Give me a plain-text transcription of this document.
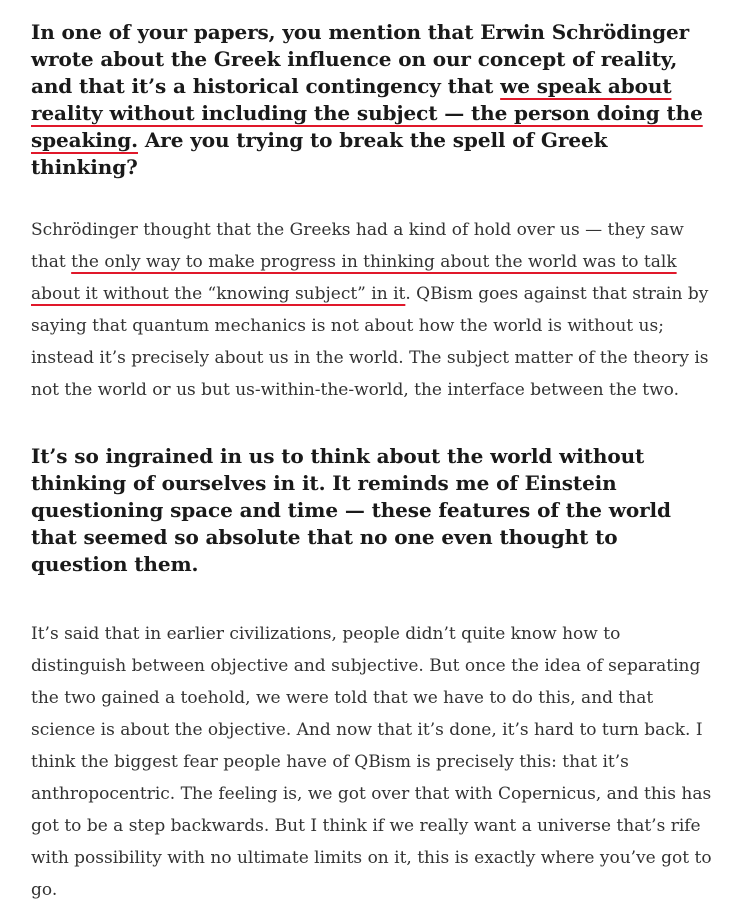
In one of your papers, you mention that Erwin Schrödinger wrote about the Greek influence on our concept of reality, and that it’s a historical contingency that we speak about reality without including the subject — the person doing the speaking. Are you trying to break the spell of Greek thinking?

Schrödinger thought that the Greeks had a kind of hold over us — they saw that the only way to make progress in thinking about the world was to talk about it without the “knowing subject” in it. QBism goes against that strain by saying that quantum mechanics is not about how the world is without us; instead it’s precisely about us in the world. The subject matter of the theory is not the world or us but us-within-the-world, the interface between the two.

It’s so ingrained in us to think about the world without thinking of ourselves in it. It reminds me of Einstein questioning space and time — these features of the world that seemed so absolute that no one even thought to question them.

It’s said that in earlier civilizations, people didn’t quite know how to distinguish between objective and subjective. But once the idea of separating the two gained a toehold, we were told that we have to do this, and that science is about the objective. And now that it’s done, it’s hard to turn back. I think the biggest fear people have of QBism is precisely this: that it’s anthropocentric. The feeling is, we got over that with Copernicus, and this has got to be a step backwards. But I think if we really want a universe that’s rife with possibility with no ultimate limits on it, this is exactly where you’ve got to go.
